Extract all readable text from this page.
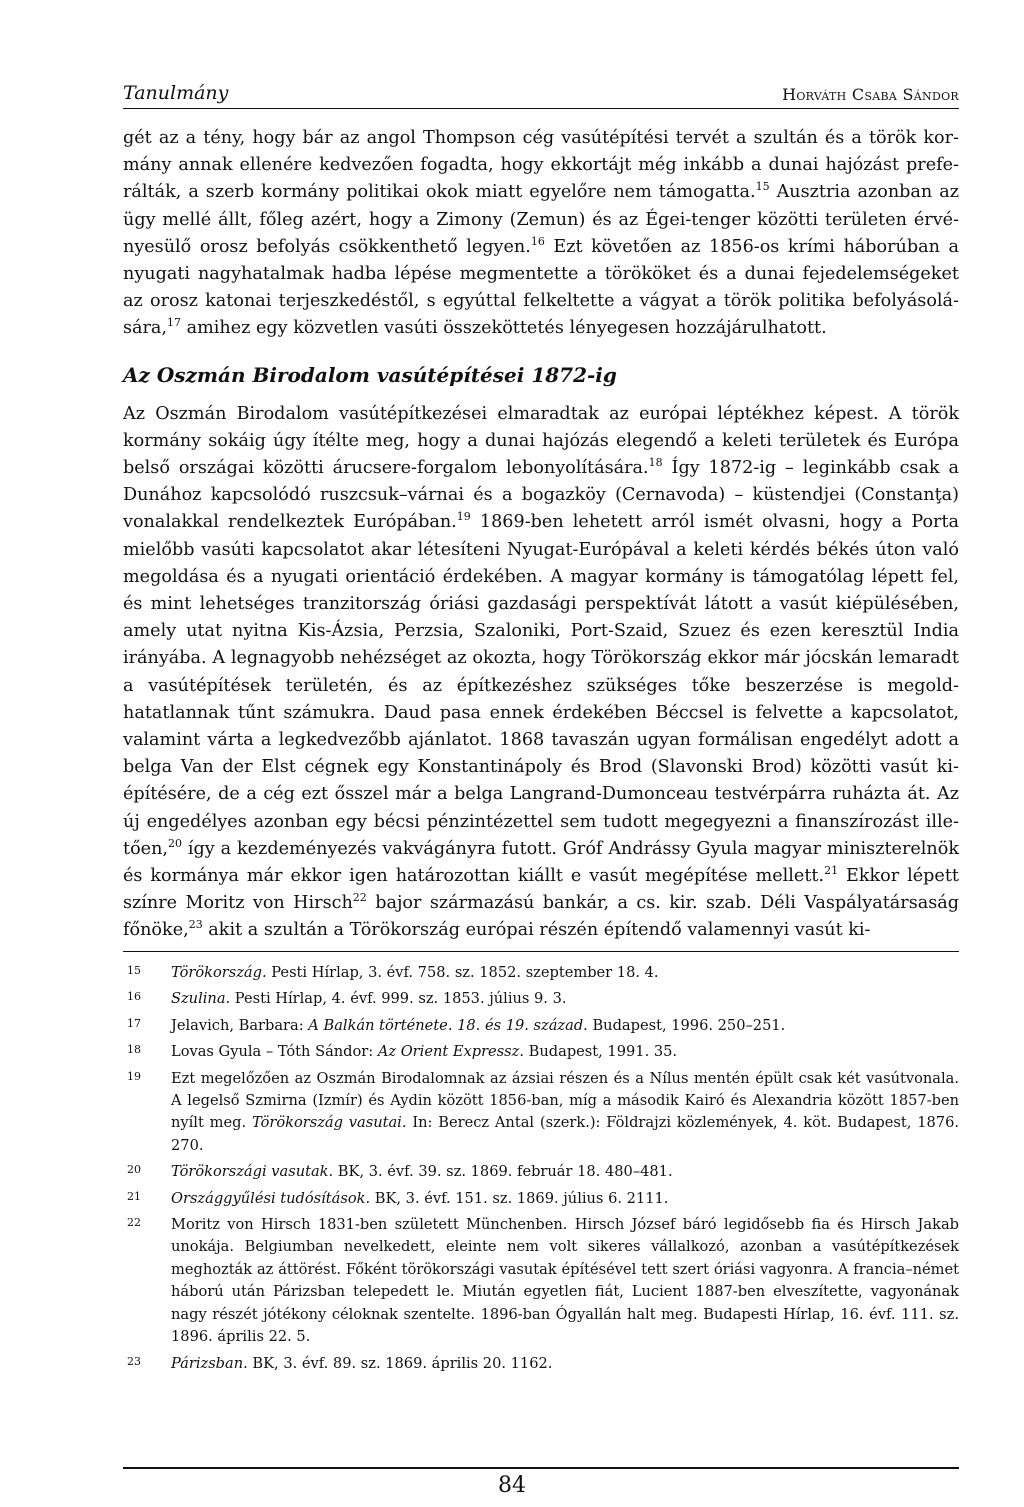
Tanulmány	Horváth Csaba Sándor

gét az a tény, hogy bár az angol Thompson cég vasútépítési tervét a szultán és a török kormány annak ellenére kedvezően fogadta, hogy ekkortájt még inkább a dunai hajózást preferálták, a szerb kormány politikai okok miatt egyelőre nem támogatta.$^{15}$ Ausztria azonban az ügy mellé állt, főleg azért, hogy a Zimony (Zemun) és az Égei-tenger közötti területen érvényesülő orosz befolyás csökkenthető legyen.$^{16}$ Ezt követően az 1856-os krími háborúban a nyugati nagyhatalmak hadba lépése megmentette a törököket és a dunai fejedelemségeket az orosz katonai terjeszkedéstől, s egyúttal felkeltette a vágyat a török politika befolyásolására,$^{17}$ amihez egy közvetlen vasúti összeköttetés lényegesen hozzájárulhatott.

Az Oszmán Birodalom vasútépítései 1872-ig

Az Oszmán Birodalom vasútépítkezései elmaradtak az európai léptékhez képest. A török kormány sokáig úgy ítélte meg, hogy a dunai hajózás elegendő a keleti területek és Európa belső országai közötti árucsere-forgalom lebonyolítására.$^{18}$ Így 1872-ig – leginkább csak a Dunához kapcsolódó ruszcsuk–várnai és a bogazköy (Cernavoda) – küstendjei (Constanţa) vonalakkal rendelkeztek Európában.$^{19}$ 1869-ben lehetett arról ismét olvasni, hogy a Porta mielőbb vasúti kapcsolatot akar létesíteni Nyugat-Európával a keleti kérdés békés úton való megoldása és a nyugati orientáció érdekében. A magyar kormány is támogatólag lépett fel, és mint lehetséges tranzitország óriási gazdasági perspektívát látott a vasút kiépülésében, amely utat nyitna Kis-Ázsia, Perzsia, Szaloniki, Port-Szaid, Szuez és ezen keresztül India irányába. A legnagyobb nehézséget az okozta, hogy Törökország ekkor már jócskán lemaradt a vasútépítések területén, és az építkezéshez szükséges tőke beszerzése is megoldhatatlannak tűnt számukra. Daud pasa ennek érdekében Béccsel is felvette a kapcsolatot, valamint várta a legkedvezőbb ajánlatot. 1868 tavaszán ugyan formálisan engedélyt adott a belga Van der Elst cégnek egy Konstantinápoly és Brod (Slavonski Brod) közötti vasút kiépítésére, de a cég ezt ősszel már a belga Langrand-Dumonceau testvérpárra ruházta át. Az új engedélyes azonban egy bécsi pénzintézettel sem tudott megegyezni a finanszírozást illetően,$^{20}$ így a kezdeményezés vakvágányra futott. Gróf Andrássy Gyula magyar miniszterelnök és kormánya már ekkor igen határozottan kiállt e vasút megépítése mellett.$^{21}$ Ekkor lépett színre Moritz von Hirsch$^{22}$ bajor származású bankár, a cs. kir. szab. Déli Vaspályatársaság főnöke,$^{23}$ akit a szultán a Törökország európai részén építendő valamennyi vasút ki-

15	Törökország. Pesti Hírlap, 3. évf. 758. sz. 1852. szeptember 18. 4.
16	Szulina. Pesti Hírlap, 4. évf. 999. sz. 1853. július 9. 3.
17	Jelavich, Barbara: A Balkán története. 18. és 19. század. Budapest, 1996. 250–251.
18	Lovas Gyula – Tóth Sándor: Az Orient Expressz. Budapest, 1991. 35.
19	Ezt megelőzően az Oszmán Birodalomnak az ázsiai részen és a Nílus mentén épült csak két vasútvonala. A legelső Szmirna (Izmír) és Aydin között 1856-ban, míg a második Kairó és Alexandria között 1857-ben nyílt meg. Törökország vasutai. In: Berecz Antal (szerk.): Földrajzi közlemények, 4. köt. Budapest, 1876. 270.
20	Törökországi vasutak. BK, 3. évf. 39. sz. 1869. február 18. 480–481.
21	Országgyűlési tudósítások. BK, 3. évf. 151. sz. 1869. július 6. 2111.
22	Moritz von Hirsch 1831-ben született Münchenben. Hirsch József báró legidősebb fia és Hirsch Jakab unokája. Belgiumban nevelkedett, eleinte nem volt sikeres vállalkozó, azonban a vasútépítkezések meghozták az áttörést. Főként törökországi vasutak építésével tett szert óriási vagyonra. A francia–német háború után Párizsban telepedett le. Miután egyetlen fiát, Lucient 1887-ben elveszítette, vagyonának nagy részét jótékony céloknak szentelte. 1896-ban Ógyallán halt meg. Budapesti Hírlap, 16. évf. 111. sz. 1896. április 22. 5.
23	Párizsban. BK, 3. évf. 89. sz. 1869. április 20. 1162.
84
